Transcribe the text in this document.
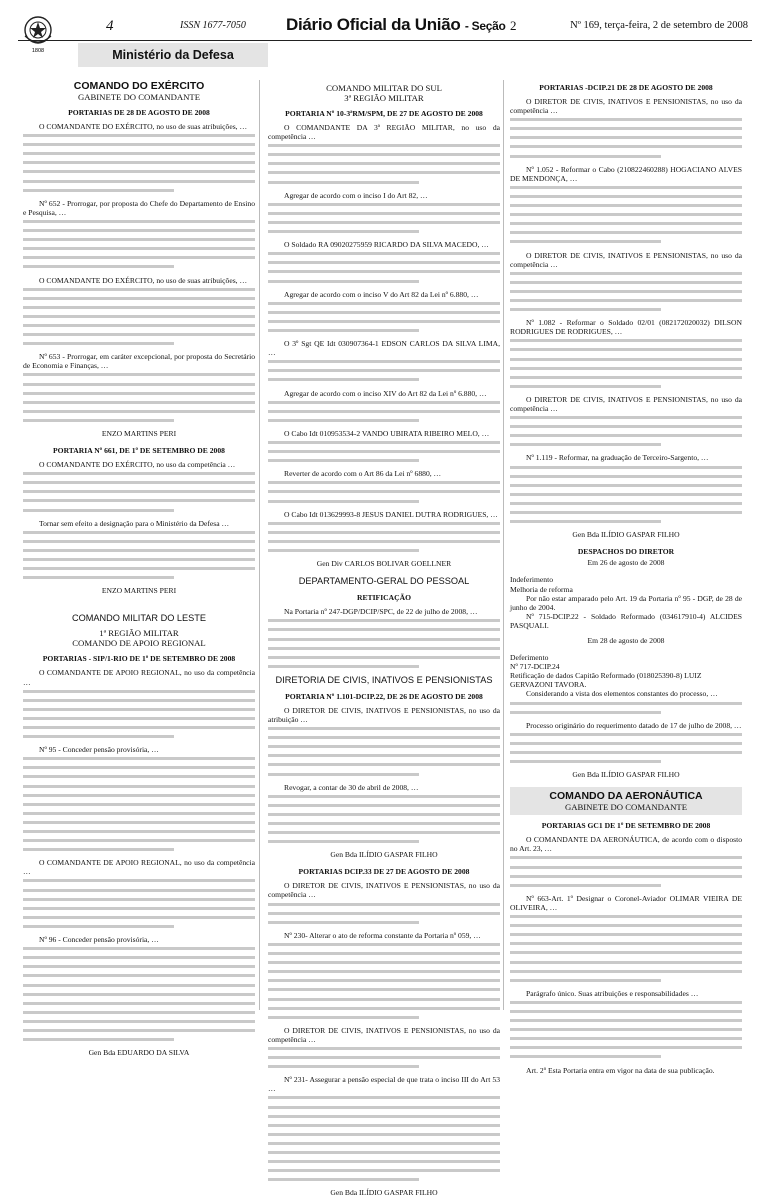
1808
4	ISSN 1677-7050 Diário Oficial da União - Seção 2	Nº 169, terça-feira, 2 de setembro de 2008
Ministério da Defesa
COMANDO DO EXÉRCITO
GABINETE DO COMANDANTE
PORTARIAS DE 28 DE AGOSTO DE 2008
O COMANDANTE DO EXÉRCITO, no uso de suas atribuições, …
Nº 652 - Prorrogar, por proposta do Chefe do Departamento de Ensino e Pesquisa, …
O COMANDANTE DO EXÉRCITO, no uso de suas atribuições, …
Nº 653 - Prorrogar, em caráter excepcional, por proposta do Secretário de Economia e Finanças, …
ENZO MARTINS PERI
PORTARIA Nº 661, DE 1º DE SETEMBRO DE 2008
O COMANDANTE DO EXÉRCITO, no uso da competência …
Tornar sem efeito a designação para o Ministério da Defesa …
ENZO MARTINS PERI
COMANDO MILITAR DO LESTE
1ª REGIÃO MILITAR
COMANDO DE APOIO REGIONAL
PORTARIAS - SIP/1-RIO DE 1º DE SETEMBRO DE 2008
O COMANDANTE DE APOIO REGIONAL, no uso da competência …
Nº 95 - Conceder pensão provisória, …
O COMANDANTE DE APOIO REGIONAL, no uso da competência …
Nº 96 - Conceder pensão provisória, …
Gen Bda EDUARDO DA SILVA
COMANDO MILITAR DO SUL
3ª REGIÃO MILITAR
PORTARIA Nº 10-3ªRM/SPM, DE 27 DE AGOSTO DE 2008
O COMANDANTE DA 3ª REGIÃO MILITAR, no uso da competência …
Agregar de acordo com o inciso I do Art 82, …
O Soldado RA 09020275959 RICARDO DA SILVA MACEDO, …
Agregar de acordo com o inciso V do Art 82 da Lei nº 6.880, …
O 3º Sgt QE Idt 030907364-1 EDSON CARLOS DA SILVA LIMA, …
Agregar de acordo com o inciso XIV do Art 82 da Lei nº 6.880, …
O Cabo Idt 010953534-2 VANDO UBIRATA RIBEIRO MELO, …
Reverter de acordo com o Art 86 da Lei nº 6880, …
O Cabo Idt 013629993-8 JESUS DANIEL DUTRA RODRIGUES, …
Gen Div CARLOS BOLIVAR GOELLNER
DEPARTAMENTO-GERAL DO PESSOAL
RETIFICAÇÃO
Na Portaria nº 247-DGP/DCIP/SPC, de 22 de julho de 2008, …
DIRETORIA DE CIVIS, INATIVOS E PENSIONISTAS
PORTARIA Nº 1.101-DCIP.22, DE 26 DE AGOSTO DE 2008
O DIRETOR DE CIVIS, INATIVOS E PENSIONISTAS, no uso da atribuição …
Revogar, a contar de 30 de abril de 2008, …
Gen Bda ILÍDIO GASPAR FILHO
PORTARIAS DCIP.33 DE 27 DE AGOSTO DE 2008
O DIRETOR DE CIVIS, INATIVOS E PENSIONISTAS, no uso da competência …
Nº 230- Alterar o ato de reforma constante da Portaria nº 059, …
O DIRETOR DE CIVIS, INATIVOS E PENSIONISTAS, no uso da competência …
Nº 231- Assegurar a pensão especial de que trata o inciso III do Art 53 …
Gen Bda ILÍDIO GASPAR FILHO
PORTARIAS -DCIP.21 DE 28 DE AGOSTO DE 2008
O DIRETOR DE CIVIS, INATIVOS E PENSIONISTAS, no uso da competência …
Nº 1.052 - Reformar o Cabo (210822460288) HOGACIANO ALVES DE MENDONÇA, …
O DIRETOR DE CIVIS, INATIVOS E PENSIONISTAS, no uso da competência …
Nº 1.082 - Reformar o Soldado 02/01 (082172020032) DILSON RODRIGUES DE RODRIGUES, …
O DIRETOR DE CIVIS, INATIVOS E PENSIONISTAS, no uso da competência …
Nº 1.119 - Reformar, na graduação de Terceiro-Sargento, …
Gen Bda ILÍDIO GASPAR FILHO
DESPACHOS DO DIRETOR
Em 26 de agosto de 2008
Indeferimento
Melhoria de reforma
Por não estar amparado pelo Art. 19 da Portaria nº 95 - DGP, de 28 de junho de 2004.
Nº 715-DCIP.22 - Soldado Reformado (034617910-4) ALCIDES PASQUALI.
Em 28 de agosto de 2008
Deferimento
Nº 717-DCIP.24
Retificação de dados Capitão Reformado (018025390-8) LUIZ GERVAZONI TAVORA.
Considerando a vista dos elementos constantes do processo, …
Processo originário do requerimento datado de 17 de julho de 2008, …
Gen Bda ILÍDIO GASPAR FILHO
COMANDO DA AERONÁUTICA
GABINETE DO COMANDANTE
PORTARIAS GC1 DE 1º DE SETEMBRO DE 2008
O COMANDANTE DA AERONÁUTICA, de acordo com o disposto no Art. 23, …
Nº 663-Art. 1º Designar o Coronel-Aviador OLIMAR VIEIRA DE OLIVEIRA, …
Parágrafo único. Suas atribuições e responsabilidades …
Art. 2º Esta Portaria entra em vigor na data de sua publicação.
